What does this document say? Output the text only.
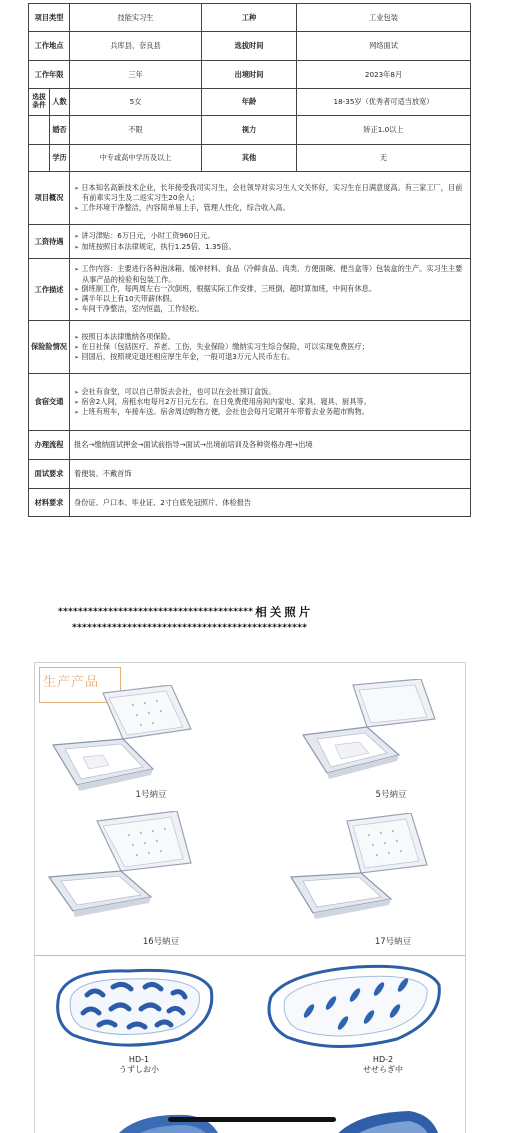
项目类型		技能实习生	工种	工业包装
工作地点		兵库县、奈良县	选拔时间	网络面试
工作年限		三年	出境时间	2023年8月
选拔条件	人数	5女	年龄	18-35岁（优秀者可适当放宽）
	婚否	不限	视力	矫正1.0以上
	学历	中专或高中学历及以上	其他	无
项目概况		➢ 日本知名高新技术企业，长年接受我司实习生，会社领导对实习生人文关怀好，实习生在日满意度高。有三家工厂，目前有前辈实习生及二返实习生20余人；
➢ 工作环境干净整洁，内容简单易上手，管理人性化，综合收入高。		

工资待遇		➢ 讲习津贴：6万日元，小时工资960日元。
➢ 加班按照日本法律规定，执行1.25倍、1.35倍。		

工作描述		➢ 工作内容：主要进行各种泡沫箱、缓冲材料、食品（冷鲜食品、肉类、方便面碗、便当盒等）包装盒的生产。实习生主要从事产品的检验和包装工作。
➢ 倒班制工作，每两周左右一次倒班，根据实际工作安排，三班倒，超时算加班，中间有休息。
➢ 满半年以上有10天带薪休假。
➢ 车间干净整洁，室内恒温，工作轻松。		

保险险情况		➢ 按照日本法律缴纳各项保险。
➢ 在日社保（包括医疗、养老、工伤、失业保险）缴纳实习生综合保险，可以实现免费医疗；
➢ 回国后，按照规定退还相应厚生年金，一般可退3万元人民币左右。		

食宿交通		➢ 会社有食堂，可以自己带饭去会社，也可以在会社预订盒饭。
➢ 宿舍2人间，房租水电每月2万日元左右。在日免费使用房间内家电、家具、寝具、厨具等。
➢ 上班有班车，车接车送。宿舍周边购物方便，会社也会每月定期开车带着去业务超市购物。		

办理流程		报名→缴纳面试押金→面试前指导→面试→出境前培训及各种资格办理→出境		
面试要求		着便装、不戴首饰		
材料要求		身份证、户口本、毕业证、2寸白底免冠照片、体检报告		
*************************************** 相关照片
***********************************************
生产产品
1号納豆	5号納豆
16号納豆	17号納豆
HD-1
うずしお小
HD-2
せせらぎ中
